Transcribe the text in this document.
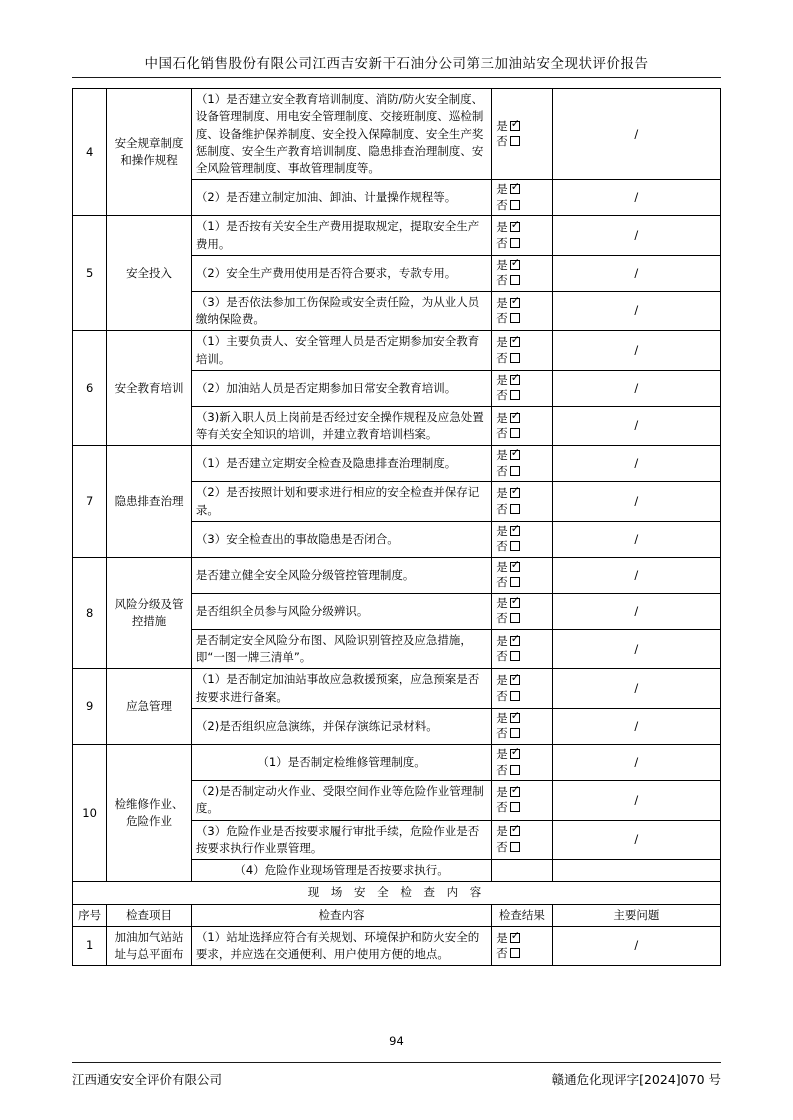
中国石化销售股份有限公司江西吉安新干石油分公司第三加油站安全现状评价报告
4	安全规章制度和操作规程	（1）是否建立安全教育培训制度、消防/防火安全制度、设备管理制度、用电安全管理制度、交接班制度、巡检制度、设备维护保养制度、安全投入保障制度、安全生产奖惩制度、安全生产教育培训制度、隐患排查治理制度、安全风险管理制度、事故管理制度等。	是✓
否	/
		（2）是否建立制定加油、卸油、计量操作规程等。	是✓
否	/
5	安全投入	（1）是否按有关安全生产费用提取规定，提取安全生产费用。	是✓
否	/
		（2）安全生产费用使用是否符合要求，专款专用。	是✓
否	/
		（3）是否依法参加工伤保险或安全责任险，为从业人员缴纳保险费。	是✓
否	/
6	安全教育培训	（1）主要负责人、安全管理人员是否定期参加安全教育培训。	是✓
否	/
		（2）加油站人员是否定期参加日常安全教育培训。	是✓
否	/
		（3)新入职人员上岗前是否经过安全操作规程及应急处置等有关安全知识的培训，并建立教育培训档案。	是✓
否	/
7	隐患排查治理	（1）是否建立定期安全检查及隐患排查治理制度。	是✓
否	/
		（2）是否按照计划和要求进行相应的安全检查并保存记录。	是✓
否	/
		（3）安全检查出的事故隐患是否闭合。	是✓
否	/
8	风险分级及管控措施	是否建立健全安全风险分级管控管理制度。	是✓
否	/
		是否组织全员参与风险分级辨识。	是✓
否	/
		是否制定安全风险分布图、风险识别管控及应急措施，即“一图一牌三清单”。	是✓
否	/
9	应急管理	（1）是否制定加油站事故应急救援预案，应急预案是否按要求进行备案。	是✓
否	/
		（2)是否组织应急演练，并保存演练记录材料。	是✓
否	/
10	检维修作业、危险作业	（1）是否制定检维修管理制度。	是✓
否	/
		（2)是否制定动火作业、受限空间作业等危险作业管理制度。	是✓
否	/
		（3）危险作业是否按要求履行审批手续，危险作业是否按要求执行作业票管理。	是✓
否	/
		（4）危险作业现场管理是否按要求执行。		
现 场 安 全 检 查 内 容				
序号	检查项目	检查内容	检查结果	主要问题
1	加油加气站站址与总平面布	（1）站址选择应符合有关规划、环境保护和防火安全的要求，并应选在交通便利、用户使用方便的地点。	是✓
否	/
94
江西通安安全评价有限公司	赣通危化现评字[2024]070 号
